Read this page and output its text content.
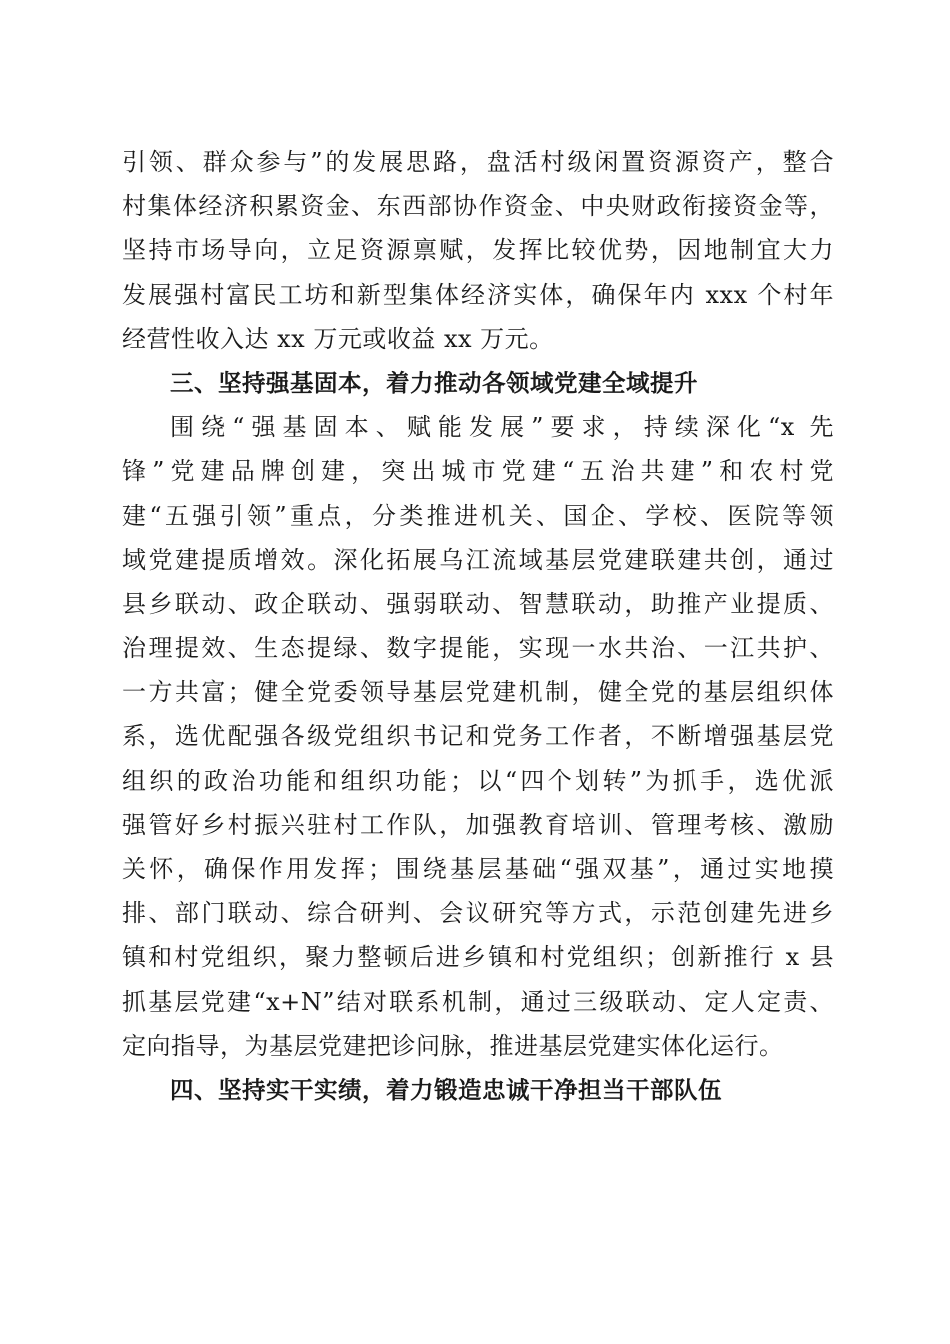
引领、群众参与”的发展思路，盘活村级闲置资源资产，整合
村集体经济积累资金、东西部协作资金、中央财政衔接资金等，
坚持市场导向，立足资源禀赋，发挥比较优势，因地制宜大力
发展强村富民工坊和新型集体经济实体，确保年内 xxx 个村年
经营性收入达 xx 万元或收益 xx 万元。
三、坚持强基固本，着力推动各领域党建全域提升
围绕“强基固本、赋能发展”要求，持续深化“x 先
锋”党建品牌创建，突出城市党建“五治共建”和农村党
建“五强引领”重点，分类推进机关、国企、学校、医院等领
域党建提质增效。深化拓展乌江流域基层党建联建共创，通过
县乡联动、政企联动、强弱联动、智慧联动，助推产业提质、
治理提效、生态提绿、数字提能，实现一水共治、一江共护、
一方共富；健全党委领导基层党建机制，健全党的基层组织体
系，选优配强各级党组织书记和党务工作者，不断增强基层党
组织的政治功能和组织功能；以“四个划转”为抓手，选优派
强管好乡村振兴驻村工作队，加强教育培训、管理考核、激励
关怀，确保作用发挥；围绕基层基础“强双基”，通过实地摸
排、部门联动、综合研判、会议研究等方式，示范创建先进乡
镇和村党组织，聚力整顿后进乡镇和村党组织；创新推行 x 县
抓基层党建“x+N”结对联系机制，通过三级联动、定人定责、
定向指导，为基层党建把诊问脉，推进基层党建实体化运行。
四、坚持实干实绩，着力锻造忠诚干净担当干部队伍
